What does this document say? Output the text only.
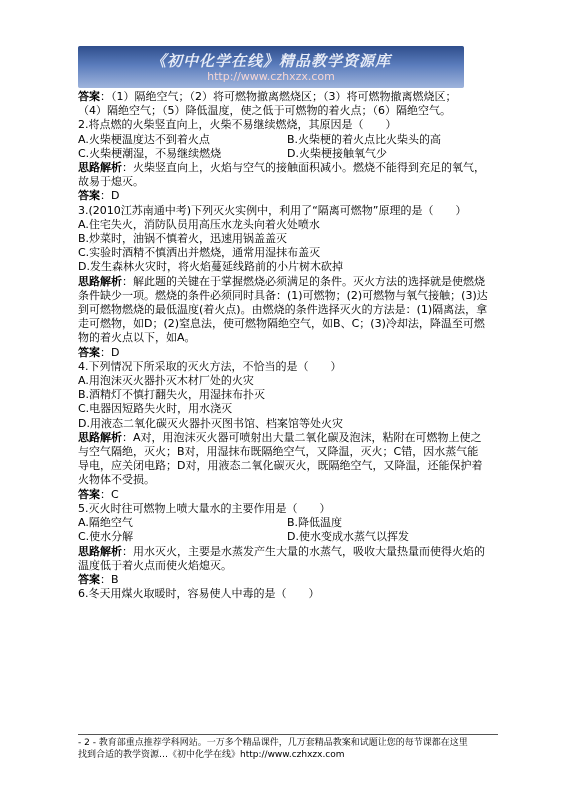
《初中化学在线》精品教学资源库
http://www.czhxzx.com
答案：（1）隔绝空气；（2）将可燃物撤离燃烧区；（3）将可燃物撤离燃烧区；
（4）隔绝空气；（5）降低温度，使之低于可燃物的着火点；（6）隔绝空气。
2.将点燃的火柴竖直向上，火柴不易继续燃烧，其原因是（　　）
A.火柴梗温度达不到着火点	B.火柴梗的着火点比火柴头的高
C.火柴梗潮湿，不易继续燃烧	D.火柴梗接触氧气少
思路解析：火柴竖直向上，火焰与空气的接触面积减小。燃烧不能得到充足的氧气，
故易于熄灭。
答案：D
3.(2010江苏南通中考)下列灭火实例中，利用了“隔离可燃物”原理的是（　　）
A.住宅失火，消防队员用高压水龙头向着火处喷水
B.炒菜时，油锅不慎着火，迅速用锅盖盖灭
C.实验时酒精不慎洒出并燃烧，通常用湿抹布盖灭
D.发生森林火灾时，将火焰蔓延线路前的小片树木砍掉
思路解析：解此题的关键在于掌握燃烧必须满足的条件。灭火方法的选择就是使燃烧
条件缺少一项。燃烧的条件必须同时具备：(1)可燃物；(2)可燃物与氧气接触；(3)达
到可燃物燃烧的最低温度(着火点)。由燃烧的条件选择灭火的方法是：(1)隔离法，拿
走可燃物，如D；(2)窒息法，使可燃物隔绝空气，如B、C；(3)冷却法，降温至可燃
物的着火点以下，如A。
答案：D
4.下列情况下所采取的灭火方法，不恰当的是（　　）
A.用泡沫灭火器扑灭木材厂处的火灾
B.酒精灯不慎打翻失火，用湿抹布扑灭
C.电器因短路失火时，用水浇灭
D.用液态二氧化碳灭火器扑灭图书馆、档案馆等处火灾
思路解析：A对，用泡沫灭火器可喷射出大量二氧化碳及泡沫，粘附在可燃物上使之
与空气隔绝，灭火；B对，用湿抹布既隔绝空气，又降温，灭火；C错，因水蒸气能
导电，应关闭电路；D对，用液态二氧化碳灭火，既隔绝空气，又降温，还能保护着
火物体不受损。
答案：C
5.灭火时往可燃物上喷大量水的主要作用是（　　）
A.隔绝空气	B.降低温度
C.使水分解	D.使水变成水蒸气以挥发
思路解析：用水灭火，主要是水蒸发产生大量的水蒸气，吸收大量热量而使得火焰的
温度低于着火点而使火焰熄灭。
答案：B
6.冬天用煤火取暖时，容易使人中毒的是（　　）
- 2 - 教育部重点推荐学科网站。一万多个精品课件，几万套精品教案和试题让您的每节课都在这里
找到合适的教学资源…《初中化学在线》http://www.czhxzx.com
